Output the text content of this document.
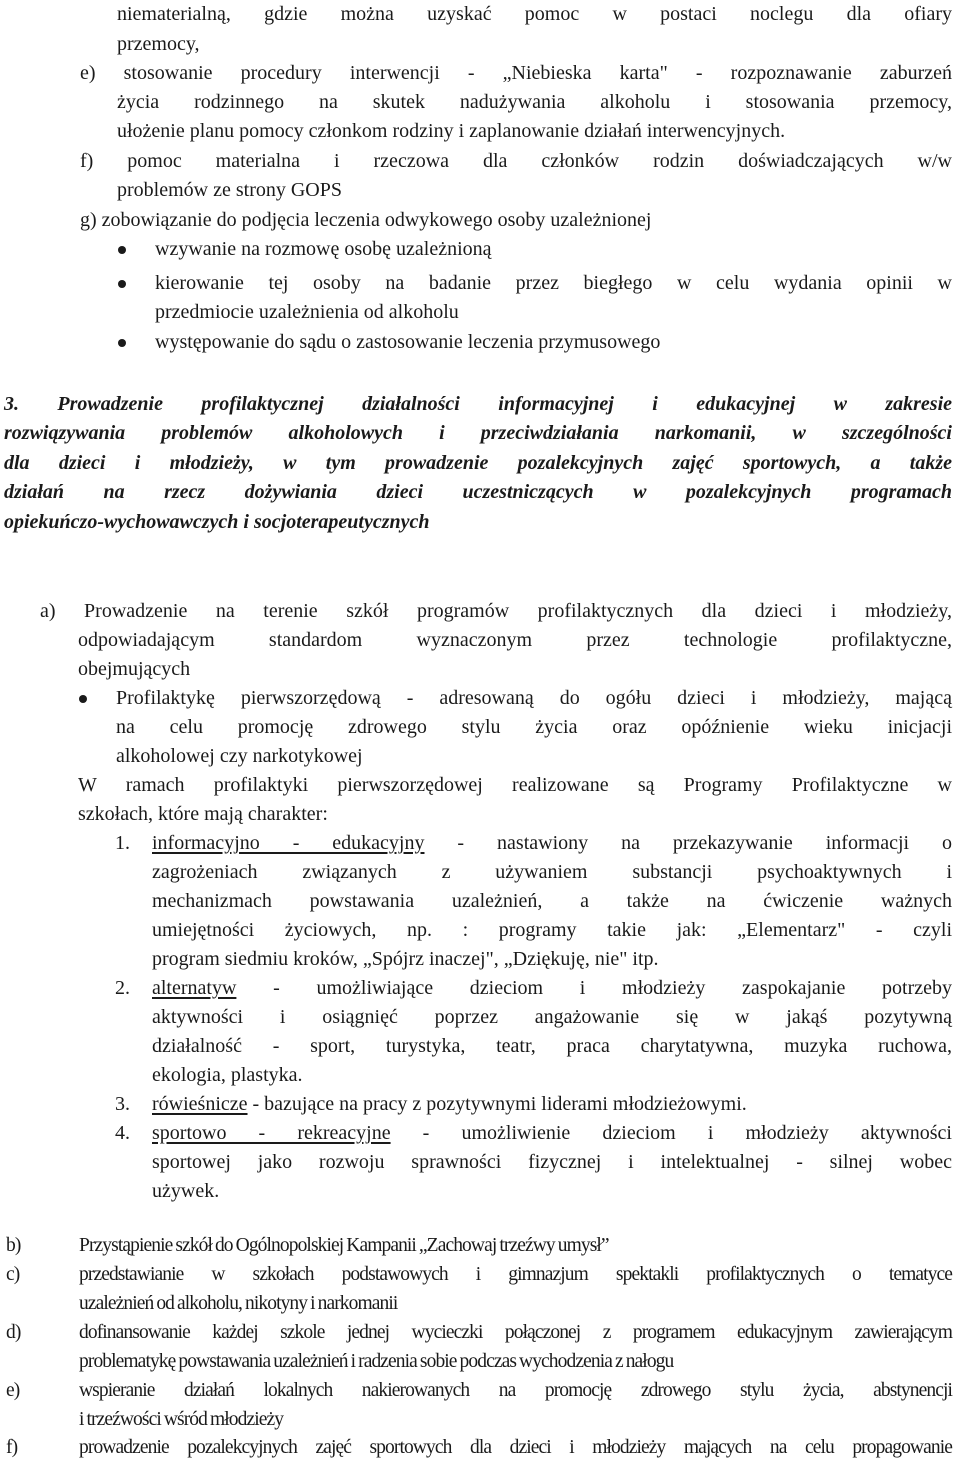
niematerialną, gdzie można uzyskać pomoc w postaci noclegu dla ofiary
przemocy,
e) stosowanie procedury interwencji - „Niebieska karta" - rozpoznawanie zaburzeń
życia rodzinnego na skutek nadużywania alkoholu i stosowania przemocy,
ułożenie planu pomocy członkom rodziny i zaplanowanie działań interwencyjnych.
f) pomoc materialna i rzeczowa dla członków rodzin doświadczających w/w
problemów ze strony GOPS
g) zobowiązanie do podjęcia leczenia odwykowego osoby uzależnionej
wzywanie na rozmowę osobę uzależnioną
kierowanie tej osoby na badanie przez biegłego w celu wydania opinii w
przedmiocie uzależnienia od alkoholu
występowanie do sądu o zastosowanie leczenia przymusowego
3. Prowadzenie profilaktycznej działalności informacyjnej i edukacyjnej w zakresie
rozwiązywania problemów alkoholowych i przeciwdziałania narkomanii, w szczególności
dla dzieci i młodzieży, w tym prowadzenie pozalekcyjnych zajęć sportowych, a także
działań na rzecz dożywiania dzieci uczestniczących w pozalekcyjnych programach
opiekuńczo-wychowawczych i socjoterapeutycznych
a) Prowadzenie na terenie szkół programów profilaktycznych dla dzieci i młodzieży,
odpowiadającym standardom wyznaczonym przez technologie profilaktyczne,
obejmujących
Profilaktykę pierwszorzędową - adresowaną do ogółu dzieci i młodzieży, mającą
na celu promocję zdrowego stylu życia oraz opóźnienie wieku inicjacji
alkoholowej czy narkotykowej
W ramach profilaktyki pierwszorzędowej realizowane są Programy Profilaktyczne w
szkołach, które mają charakter:
1. informacyjno - edukacyjny - nastawiony na przekazywanie informacji o
zagrożeniach związanych z używaniem substancji psychoaktywnych i
mechanizmach powstawania uzależnień, a także na ćwiczenie ważnych
umiejętności życiowych, np. : programy takie jak: „Elementarz" - czyli
program siedmiu kroków, „Spójrz inaczej", „Dziękuję, nie" itp.
2. alternatyw - umożliwiające dzieciom i młodzieży zaspokajanie potrzeby
aktywności i osiągnięć poprzez angażowanie się w jakąś pozytywną
działalność - sport, turystyka, teatr, praca charytatywna, muzyka ruchowa,
ekologia, plastyka.
3. rówieśnicze - bazujące na pracy z pozytywnymi liderami młodzieżowymi.
4. sportowo - rekreacyjne - umożliwienie dzieciom i młodzieży aktywności
sportowej jako rozwoju sprawności fizycznej i intelektualnej - silnej wobec
używek.
b)	Przystąpienie szkół do Ogólnopolskiej Kampanii „Zachowaj trzeźwy umysł”
c)	przedstawianie w szkołach podstawowych i gimnazjum spektakli profilaktycznych o tematyce
uzależnień od alkoholu, nikotyny i narkomanii
d)	dofinansowanie każdej szkole jednej wycieczki połączonej z programem edukacyjnym zawierającym
problematykę powstawania uzależnień i radzenia sobie podczas wychodzenia z nałogu
e)	wspieranie działań lokalnych nakierowanych na promocję zdrowego stylu życia, abstynencji
i trzeźwości wśród młodzieży
f)	prowadzenie pozalekcyjnych zajęć sportowych dla dzieci i młodzieży mających na celu propagowanie
